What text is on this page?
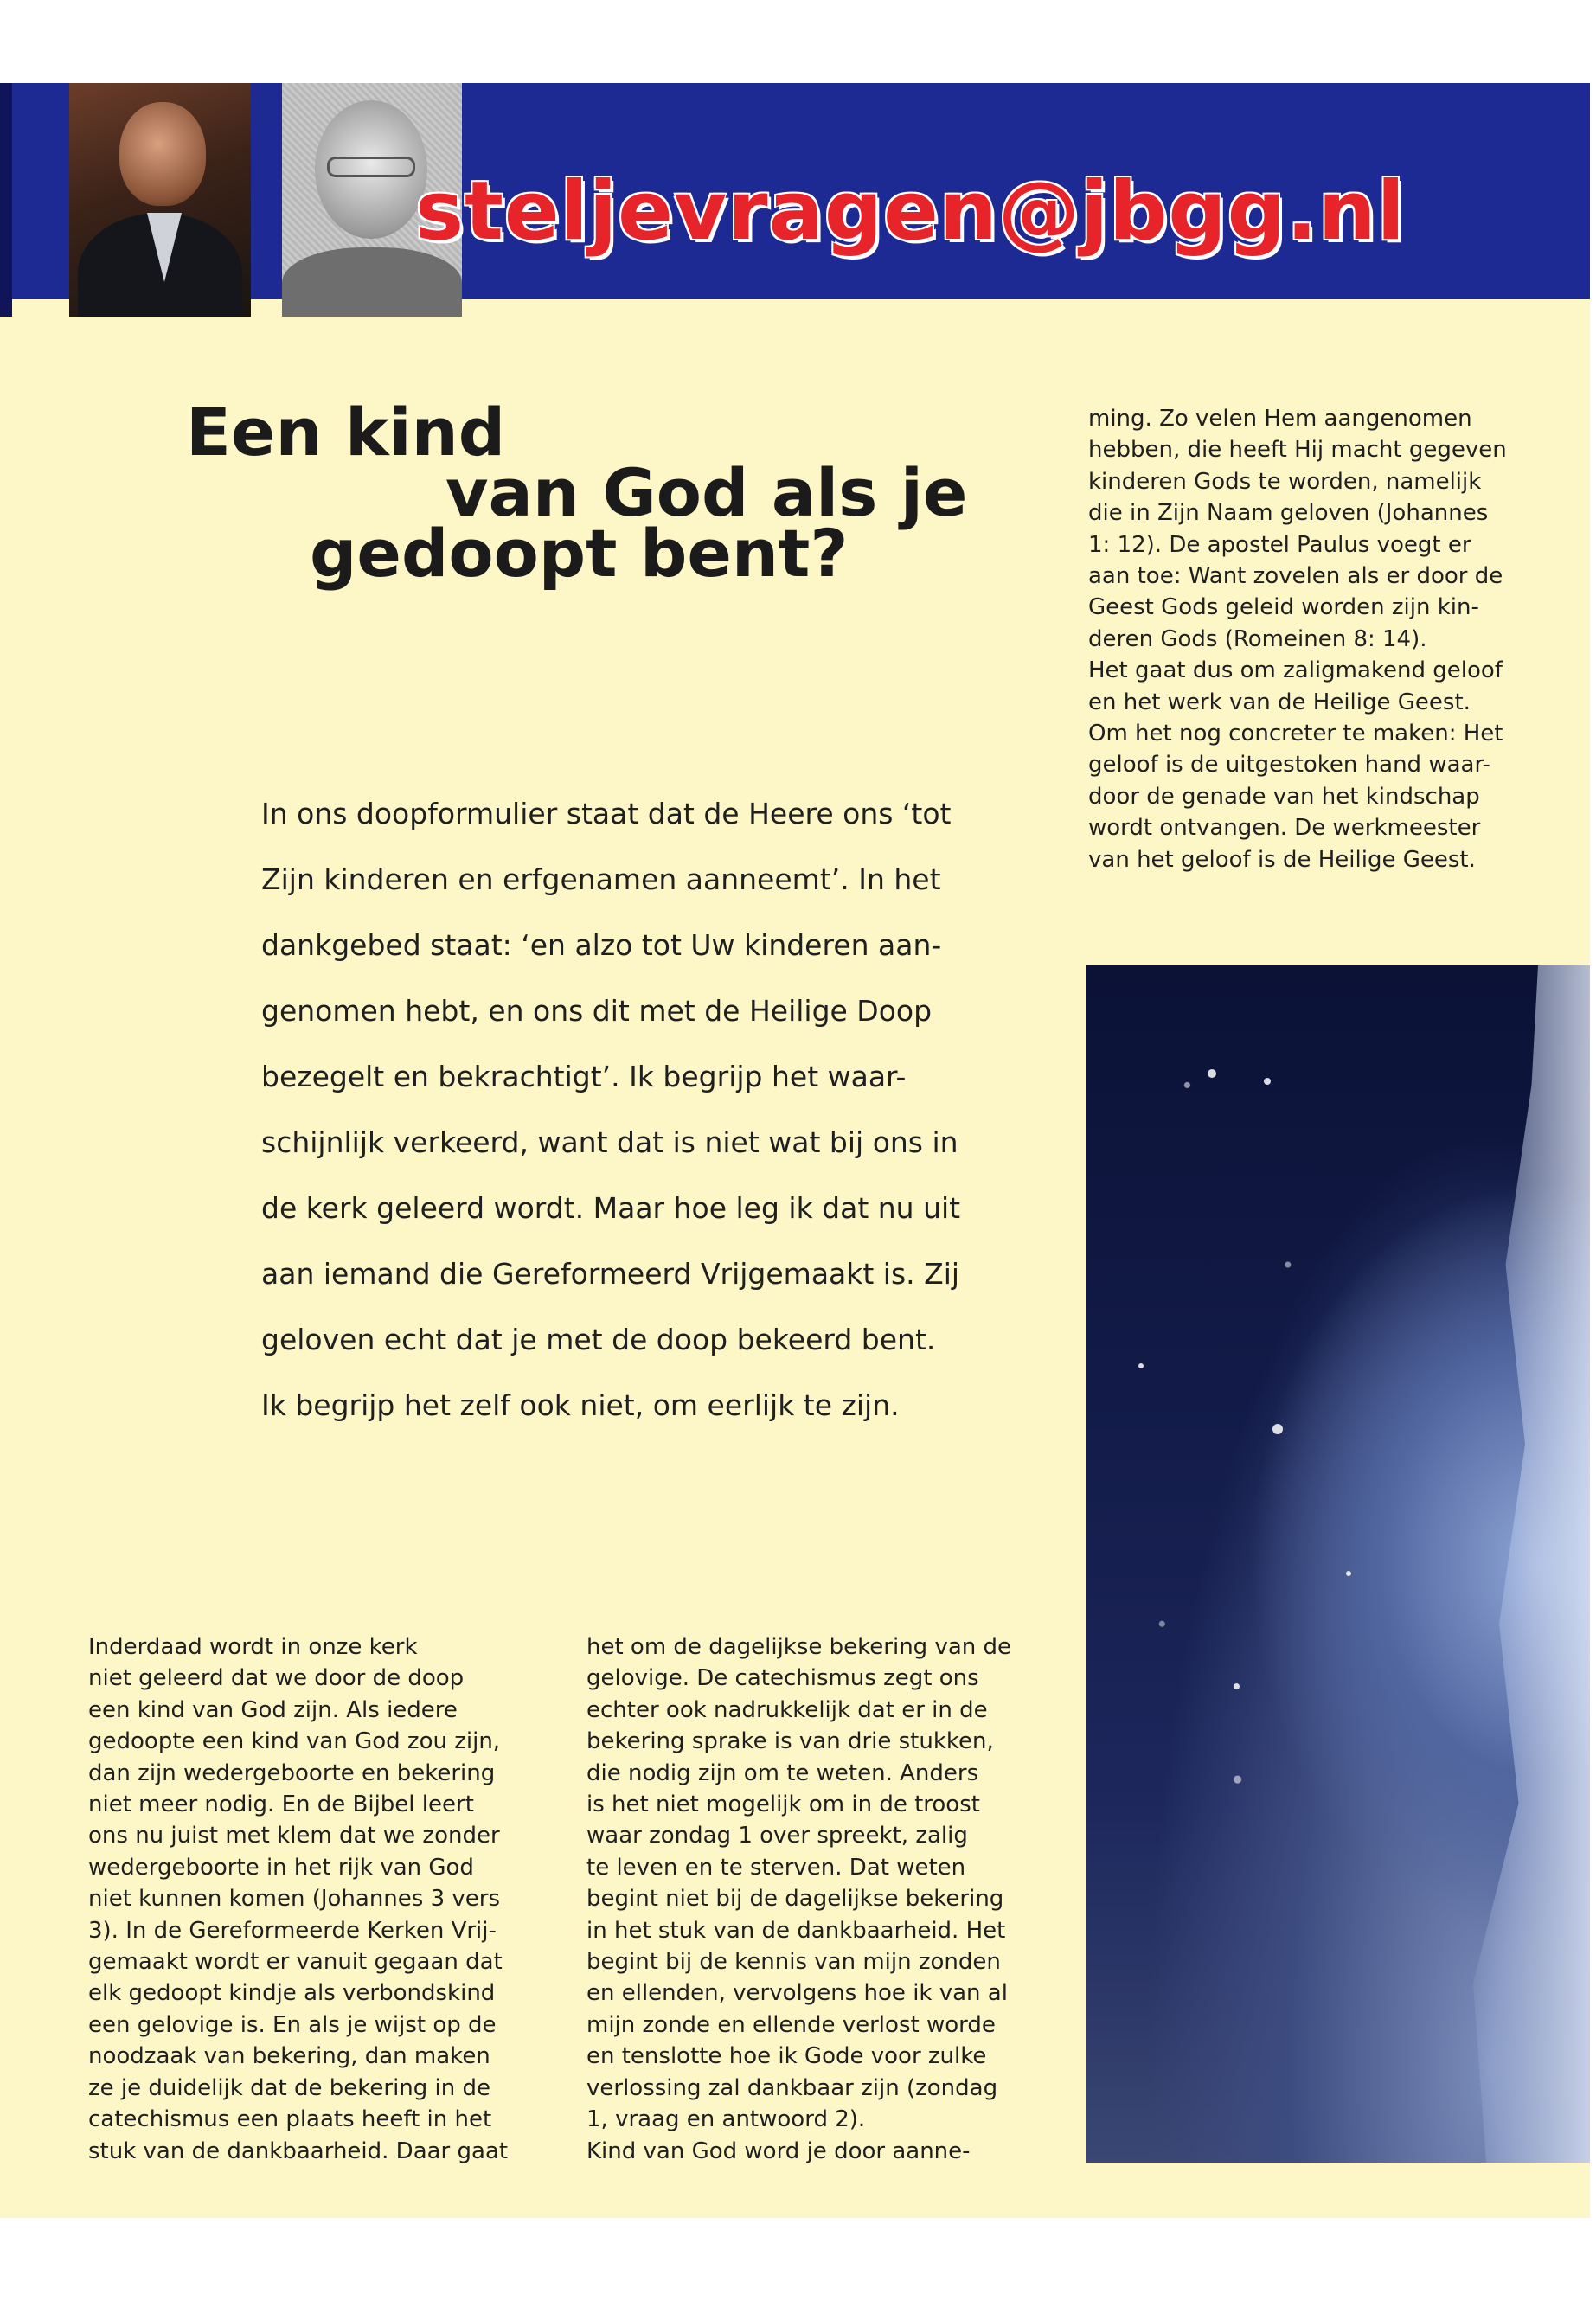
steljevragen@jbgg.nl
Een kind
van God als je
gedoopt bent?
In ons doopformulier staat dat de Heere ons ‘tot
Zijn kinderen en erfgenamen aanneemt’. In het
dankgebed staat: ‘en alzo tot Uw kinderen aan-
genomen hebt, en ons dit met de Heilige Doop
bezegelt en bekrachtigt’. Ik begrijp het waar-
schijnlijk verkeerd, want dat is niet wat bij ons in
de kerk geleerd wordt. Maar hoe leg ik dat nu uit
aan iemand die Gereformeerd Vrijgemaakt is. Zij
geloven echt dat je met de doop bekeerd bent.
Ik begrijp het zelf ook niet, om eerlijk te zijn.
Inderdaad wordt in onze kerk
niet geleerd dat we door de doop
een kind van God zijn. Als iedere
gedoopte een kind van God zou zijn,
dan zijn wedergeboorte en bekering
niet meer nodig. En de Bijbel leert
ons nu juist met klem dat we zonder
wedergeboorte in het rijk van God
niet kunnen komen (Johannes 3 vers
3). In de Gereformeerde Kerken Vrij-
gemaakt wordt er vanuit gegaan dat
elk gedoopt kindje als verbondskind
een gelovige is. En als je wijst op de
noodzaak van bekering, dan maken
ze je duidelijk dat de bekering in de
catechismus een plaats heeft in het
stuk van de dankbaarheid. Daar gaat
het om de dagelijkse bekering van de
gelovige. De catechismus zegt ons
echter ook nadrukkelijk dat er in de
bekering sprake is van drie stukken,
die nodig zijn om te weten. Anders
is het niet mogelijk om in de troost
waar zondag 1 over spreekt, zalig
te leven en te sterven. Dat weten
begint niet bij de dagelijkse bekering
in het stuk van de dankbaarheid. Het
begint bij de kennis van mijn zonden
en ellenden, vervolgens hoe ik van al
mijn zonde en ellende verlost worde
en tenslotte hoe ik Gode voor zulke
verlossing zal dankbaar zijn (zondag
1, vraag en antwoord 2).
Kind van God word je door aanne-
ming. Zo velen Hem aangenomen
hebben, die heeft Hij macht gegeven
kinderen Gods te worden, namelijk
die in Zijn Naam geloven (Johannes
1: 12). De apostel Paulus voegt er
aan toe: Want zovelen als er door de
Geest Gods geleid worden zijn kin-
deren Gods (Romeinen 8: 14).
Het gaat dus om zaligmakend geloof
en het werk van de Heilige Geest.
Om het nog concreter te maken: Het
geloof is de uitgestoken hand waar-
door de genade van het kindschap
wordt ontvangen. De werkmeester
van het geloof is de Heilige Geest.
